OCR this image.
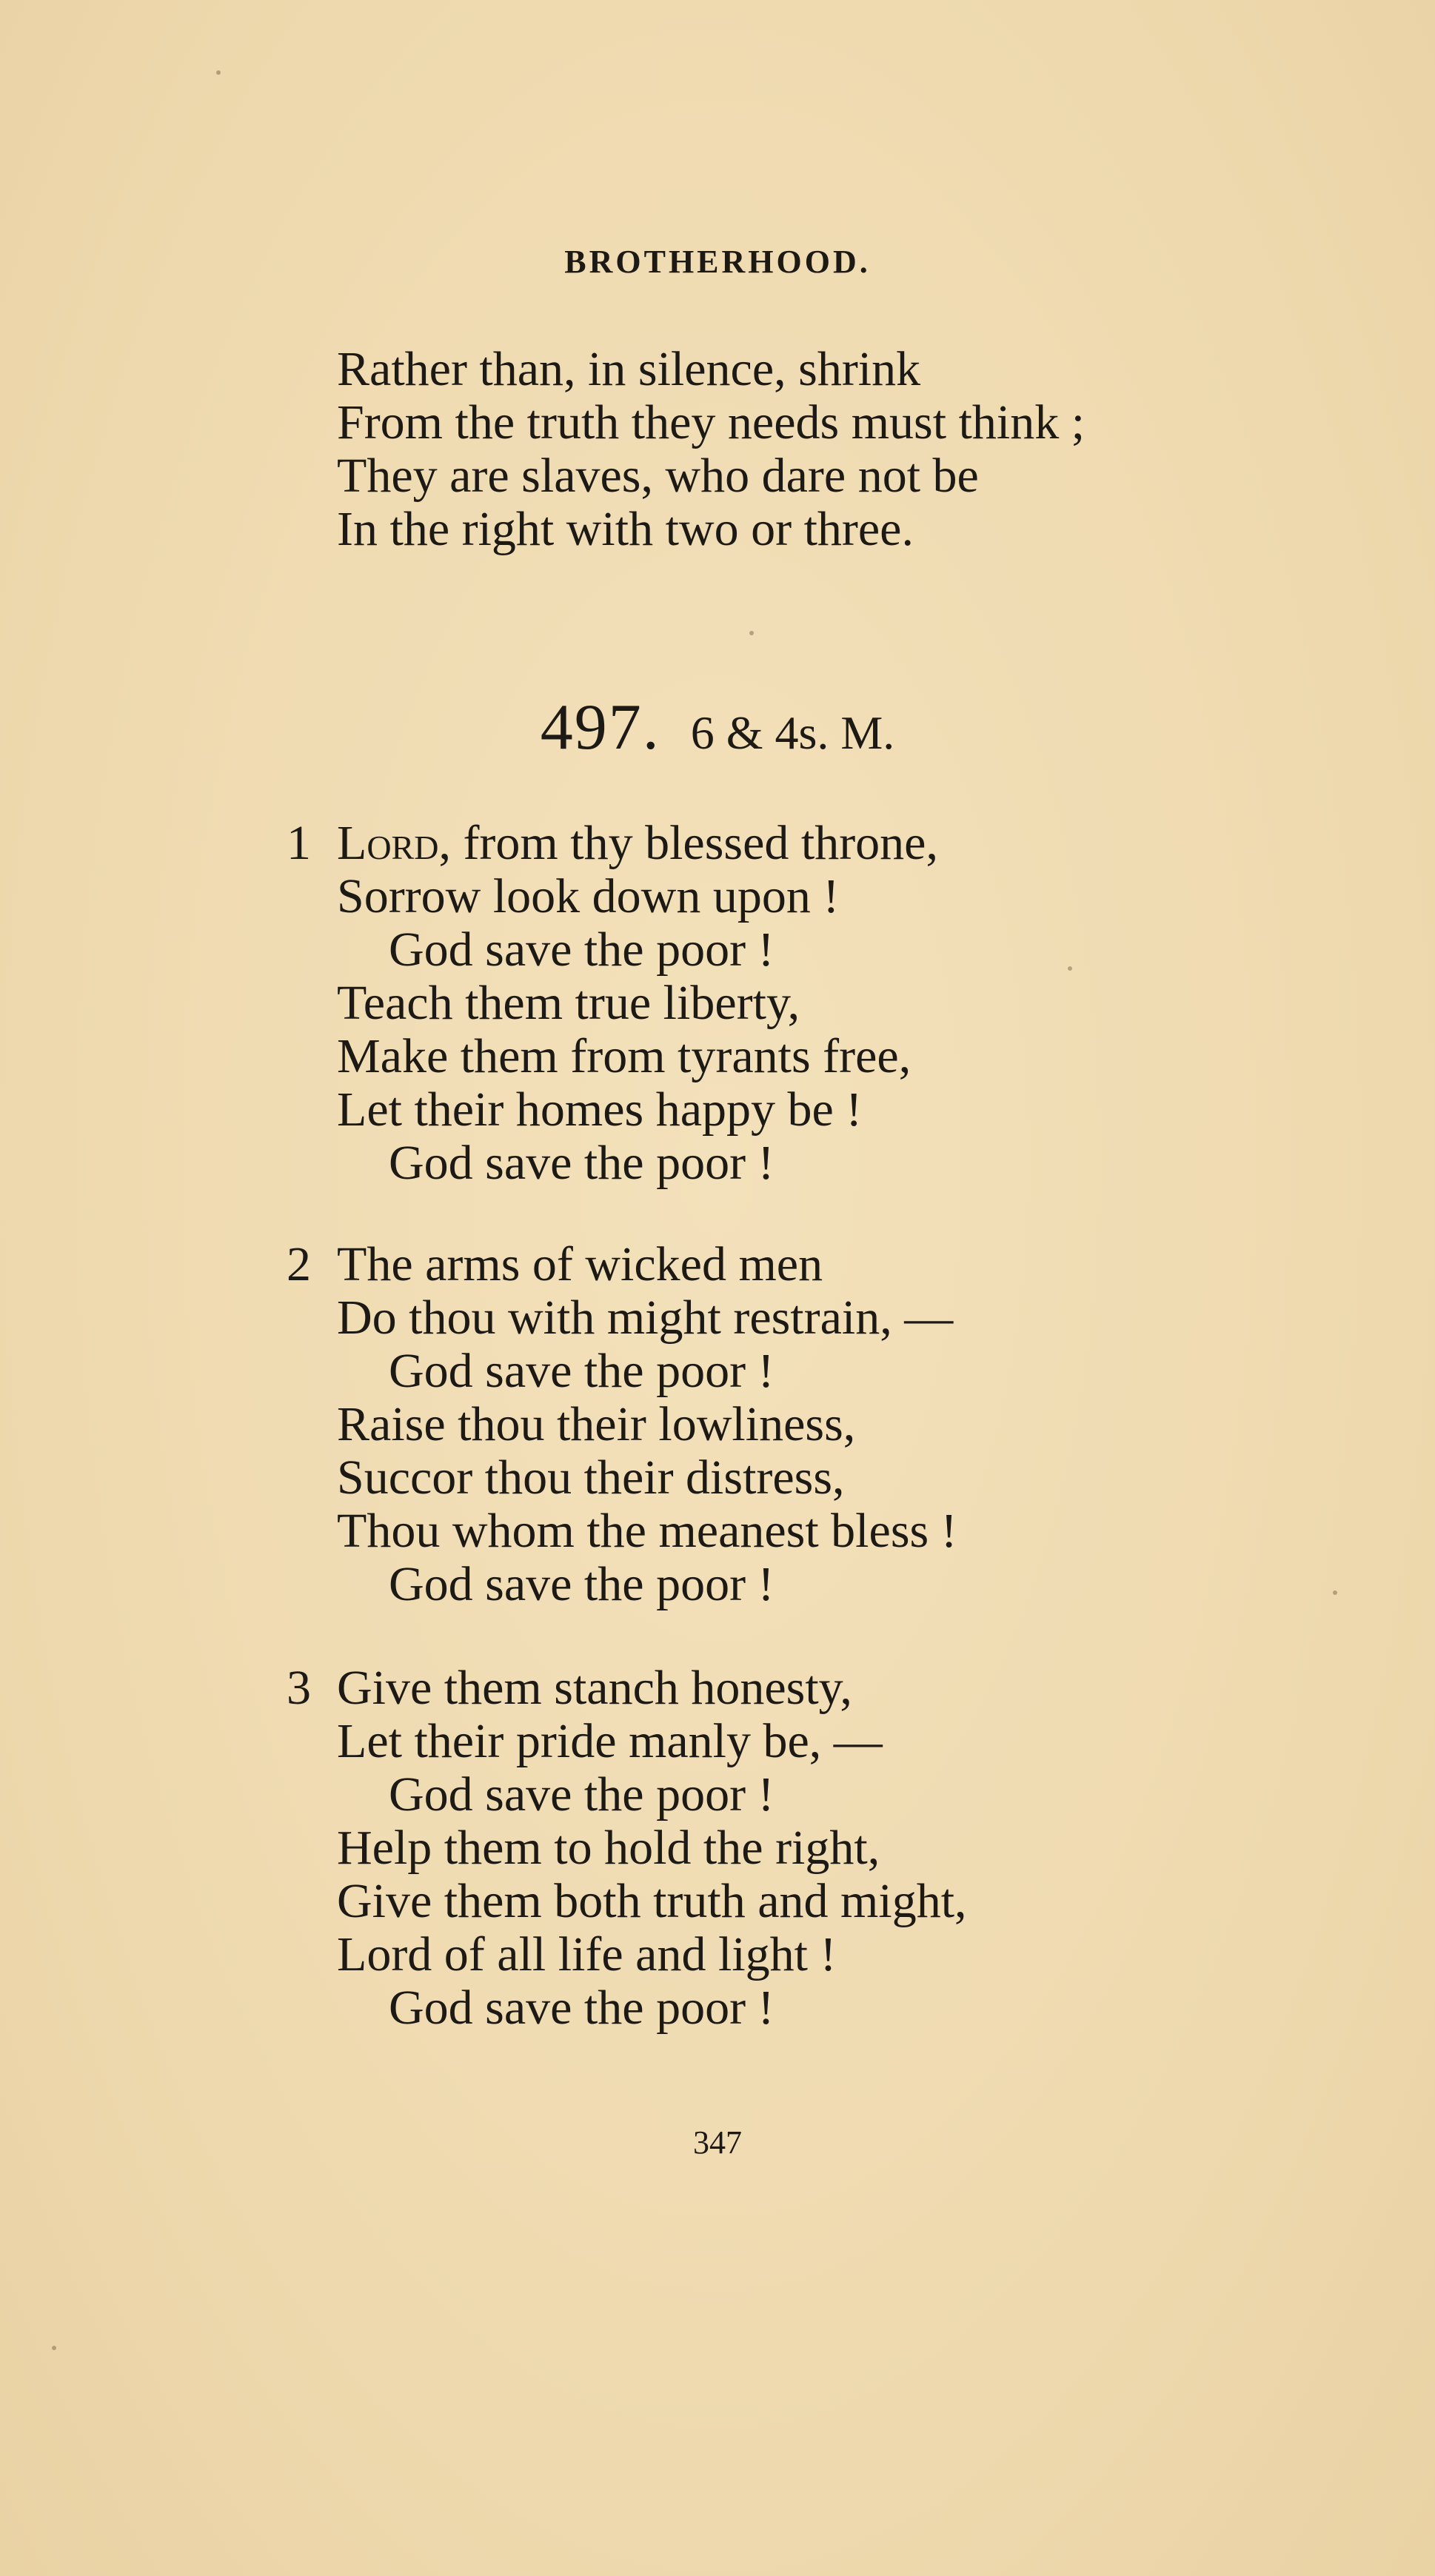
BROTHERHOOD.
Rather than, in silence, shrink
From the truth they needs must think ;
They are slaves, who dare not be
In the right with two or three.
497. 6 & 4s. M.
1 Lord, from thy blessed throne,
Sorrow look down upon !
God save the poor !
Teach them true liberty,
Make them from tyrants free,
Let their homes happy be !
God save the poor !
2 The arms of wicked men
Do thou with might restrain, —
God save the poor !
Raise thou their lowliness,
Succor thou their distress,
Thou whom the meanest bless !
God save the poor !
3 Give them stanch honesty,
Let their pride manly be, —
God save the poor !
Help them to hold the right,
Give them both truth and might,
Lord of all life and light !
God save the poor !
347
